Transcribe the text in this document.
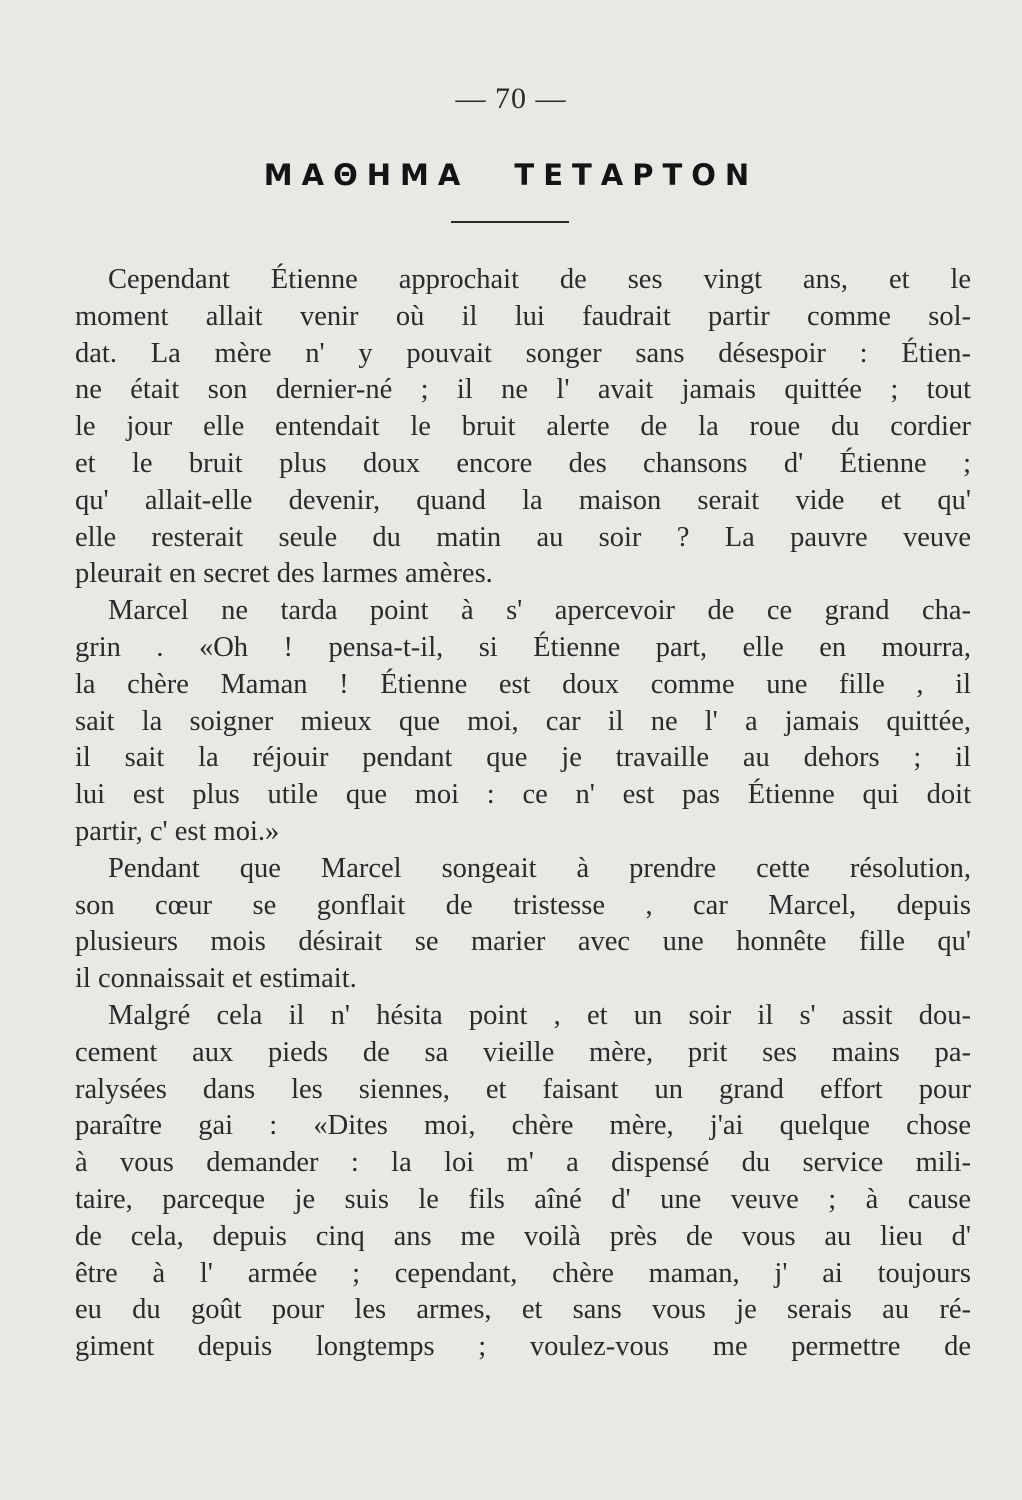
— 70 —
ΜΑΘΗΜΑ ΤΕΤΑΡΤΟΝ
Cependant Étienne approchait de ses vingt ans, et le
moment allait venir où il lui faudrait partir comme sol-
dat. La mère n' y pouvait songer sans désespoir : Étien-
ne était son dernier-né ; il ne l' avait jamais quittée ; tout
le jour elle entendait le bruit alerte de la roue du cordier
et le bruit plus doux encore des chansons d' Étienne ;
qu' allait-elle devenir, quand la maison serait vide et qu'
elle resterait seule du matin au soir ? La pauvre veuve
pleurait en secret des larmes amères.
Marcel ne tarda point à s' apercevoir de ce grand cha-
grin . «Oh ! pensa-t-il, si Étienne part, elle en mourra,
la chère Maman ! Étienne est doux comme une fille , il
sait la soigner mieux que moi, car il ne l' a jamais quittée,
il sait la réjouir pendant que je travaille au dehors ; il
lui est plus utile que moi : ce n' est pas Étienne qui doit
partir, c' est moi.»
Pendant que Marcel songeait à prendre cette résolution,
son cœur se gonflait de tristesse , car Marcel, depuis
plusieurs mois désirait se marier avec une honnête fille qu'
il connaissait et estimait.
Malgré cela il n' hésita point , et un soir il s' assit dou-
cement aux pieds de sa vieille mère, prit ses mains pa-
ralysées dans les siennes, et faisant un grand effort pour
paraître gai : «Dites moi, chère mère, j'ai quelque chose
à vous demander : la loi m' a dispensé du service mili-
taire, parceque je suis le fils aîné d' une veuve ; à cause
de cela, depuis cinq ans me voilà près de vous au lieu d'
être à l' armée ; cependant, chère maman, j' ai toujours
eu du goût pour les armes, et sans vous je serais au ré-
giment depuis longtemps ; voulez-vous me permettre de
